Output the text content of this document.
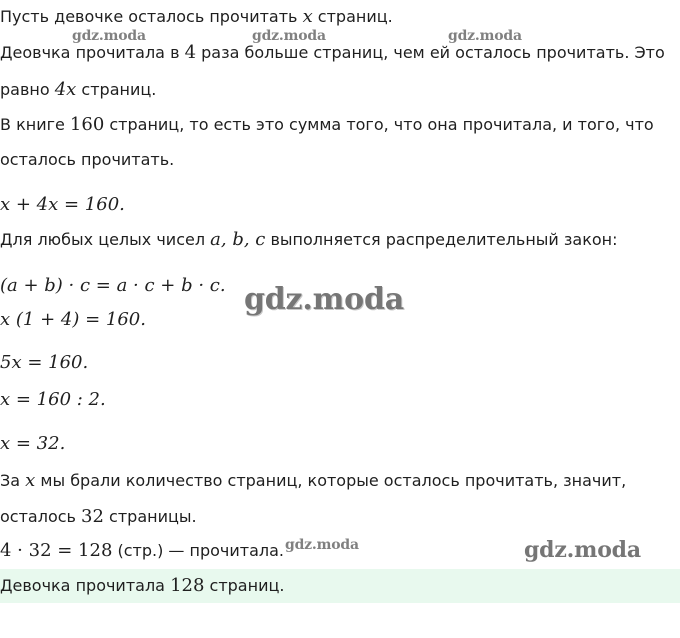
gdz.moda	gdz.moda	gdz.moda
gdz.moda
gdz.moda	gdz.moda
Пусть девочке осталось прочитать x страниц.
Деовчка прочитала в 4 раза больше страниц, чем ей осталось прочитать. Это
равно 4x страниц.
В книге 160 страниц, то есть это сумма того, что она прочитала, и того, что
осталось прочитать.
x + 4x = 160.
Для любых целых чисел a, b, c выполняется распределительный закон:
(a + b) · c = a · c + b · c.
x (1 + 4) = 160.
5x = 160.
x = 160 : 2.
x = 32.
За x мы брали количество страниц, которые осталось прочитать, значит,
осталось 32 страницы.
4 · 32 = 128 (стр.) — прочитала.
Девочка прочитала 128 страниц.
